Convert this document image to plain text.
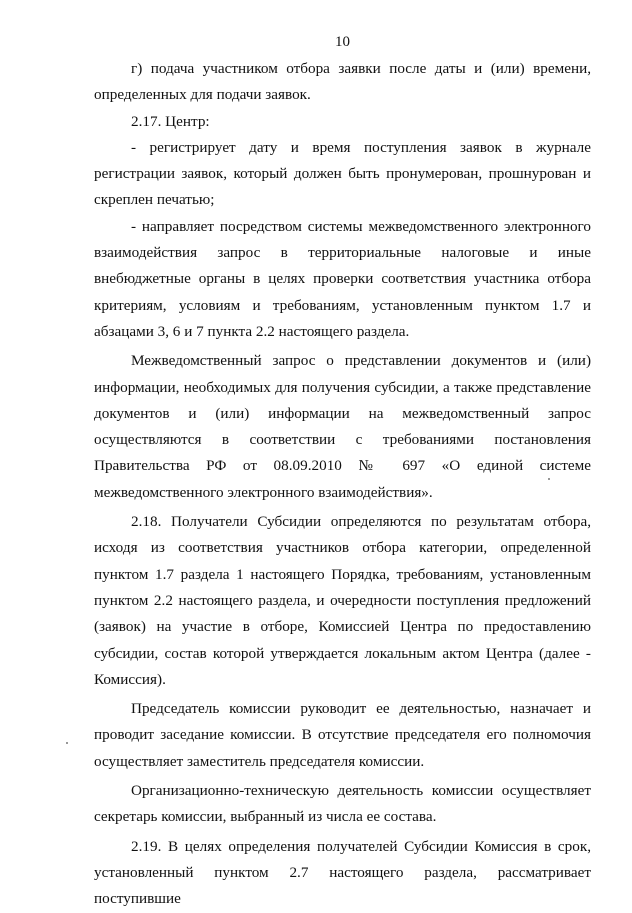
10

г) подача участником отбора заявки после даты и (или) времени, определенных для подачи заявок.

2.17. Центр:

- регистрирует дату и время поступления заявок в журнале регистрации заявок, который должен быть пронумерован, прошнурован и скреплен печатью;

- направляет посредством системы межведомственного электронного взаимодействия запрос в территориальные налоговые и иные внебюджетные органы в целях проверки соответствия участника отбора критериям, условиям и требованиям, установленным пунктом 1.7 и абзацами 3, 6 и 7 пункта 2.2 настоящего раздела.

Межведомственный запрос о представлении документов и (или) информации, необходимых для получения субсидии, а также представление документов и (или) информации на межведомственный запрос осуществляются в соответствии с требованиями постановления Правительства РФ от 08.09.2010 № 697 «О единой системе межведомственного электронного взаимодействия».

2.18. Получатели Субсидии определяются по результатам отбора, исходя из соответствия участников отбора категории, определенной пунктом 1.7 раздела 1 настоящего Порядка, требованиям, установленным пунктом 2.2 настоящего раздела, и очередности поступления предложений (заявок) на участие в отборе, Комиссией Центра по предоставлению субсидии, состав которой утверждается локальным актом Центра (далее - Комиссия).

Председатель комиссии руководит ее деятельностью, назначает и проводит заседание комиссии. В отсутствие председателя его полномочия осуществляет заместитель председателя комиссии.

Организационно-техническую деятельность комиссии осуществляет секретарь комиссии, выбранный из числа ее состава.

2.19. В целях определения получателей Субсидии Комиссия в срок, установленный пунктом 2.7 настоящего раздела, рассматривает поступившие
